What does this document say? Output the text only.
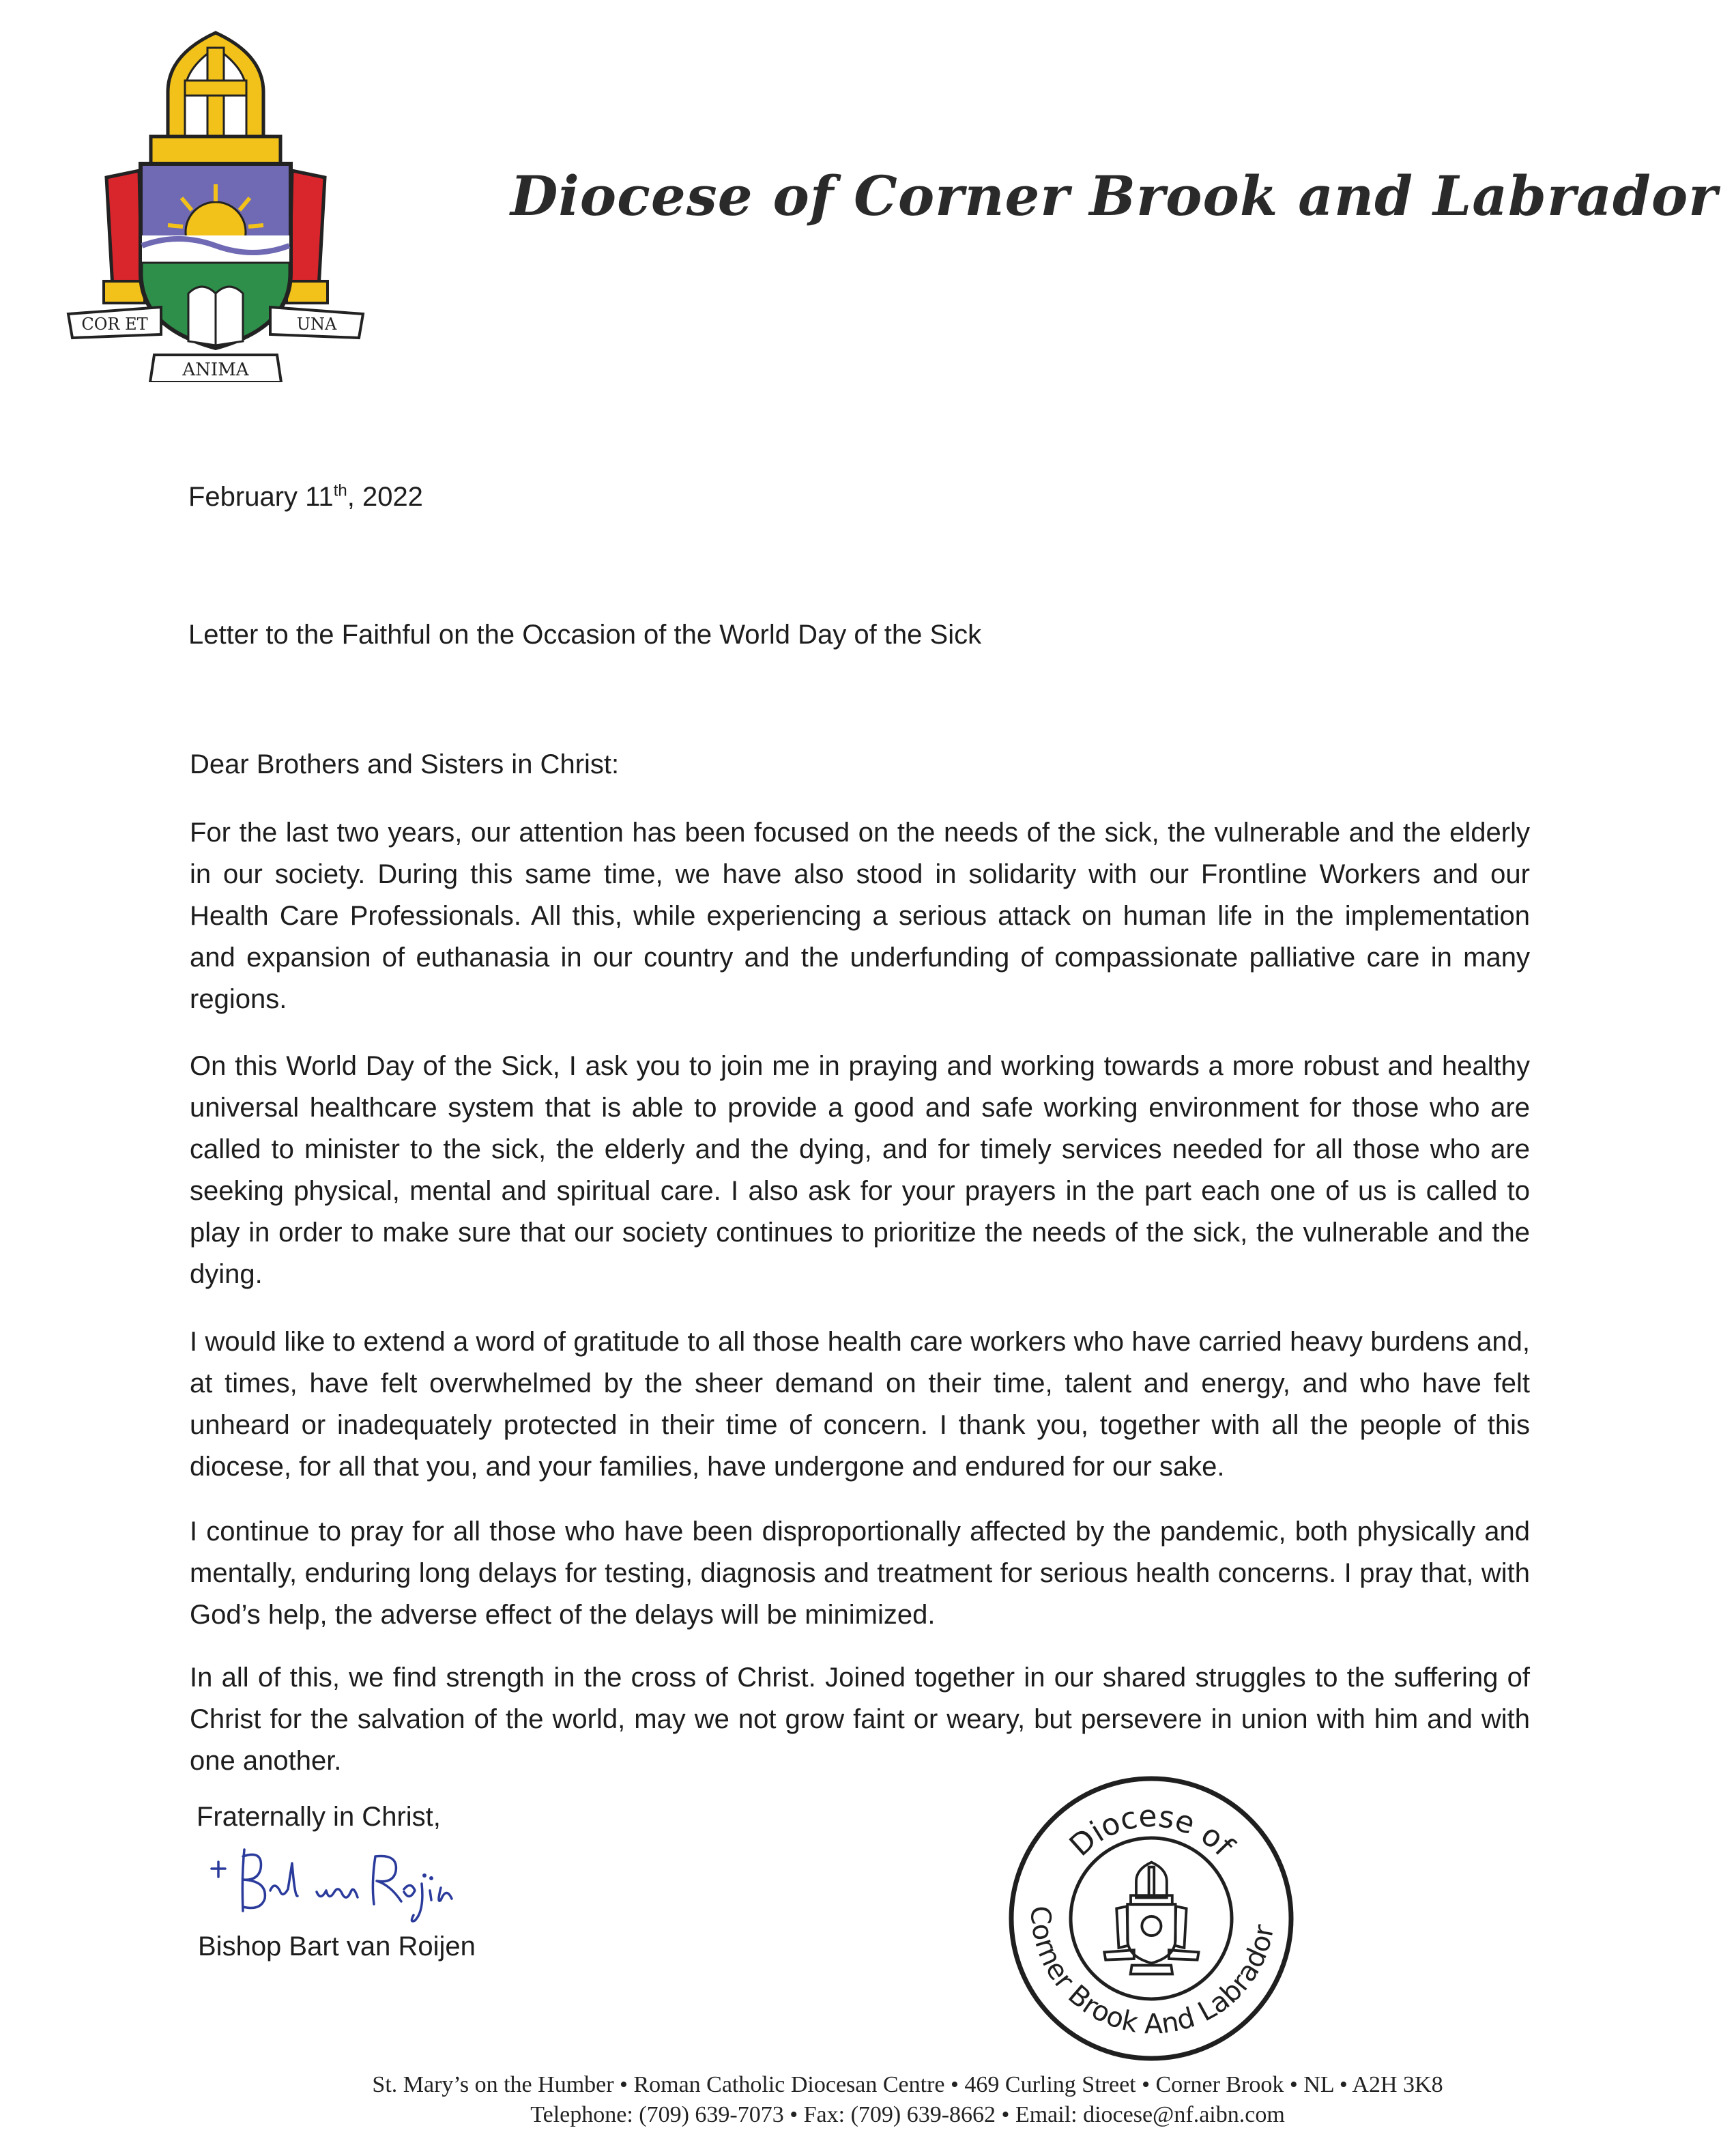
COR ET	UNA
ANIMA
Diocese of Corner Brook and Labrador
February 11th, 2022
Letter to the Faithful on the Occasion of the World Day of the Sick
Dear Brothers and Sisters in Christ:

For the last two years, our attention has been focused on the needs of the sick, the vulnerable and the elderly in our society. During this same time, we have also stood in solidarity with our Frontline Workers and our Health Care Professionals. All this, while experiencing a serious attack on human life in the implementation and expansion of euthanasia in our country and the underfunding of compassionate palliative care in many regions.

On this World Day of the Sick, I ask you to join me in praying and working towards a more robust and healthy universal healthcare system that is able to provide a good and safe working environment for those who are called to minister to the sick, the elderly and the dying, and for timely services needed for all those who are seeking physical, mental and spiritual care. I also ask for your prayers in the part each one of us is called to play in order to make sure that our society continues to prioritize the needs of the sick, the vulnerable and the dying.

I would like to extend a word of gratitude to all those health care workers who have carried heavy burdens and, at times, have felt overwhelmed by the sheer demand on their time, talent and energy, and who have felt unheard or inadequately protected in their time of concern. I thank you, together with all the people of this diocese, for all that you, and your families, have undergone and endured for our sake.

I continue to pray for all those who have been disproportionally affected by the pandemic, both physically and mentally, enduring long delays for testing, diagnosis and treatment for serious health concerns. I pray that, with God’s help, the adverse effect of the delays will be minimized.

In all of this, we find strength in the cross of Christ. Joined together in our shared struggles to the suffering of Christ for the salvation of the world, may we not grow faint or weary, but persevere in union with him and with one another.

Fraternally in Christ,
Bishop Bart van Roijen
Diocese of
Corner Brook And Labrador
St. Mary’s on the Humber • Roman Catholic Diocesan Centre • 469 Curling Street • Corner Brook • NL • A2H 3K8
Telephone: (709) 639-7073 • Fax: (709) 639-8662 • Email: diocese@nf.aibn.com
